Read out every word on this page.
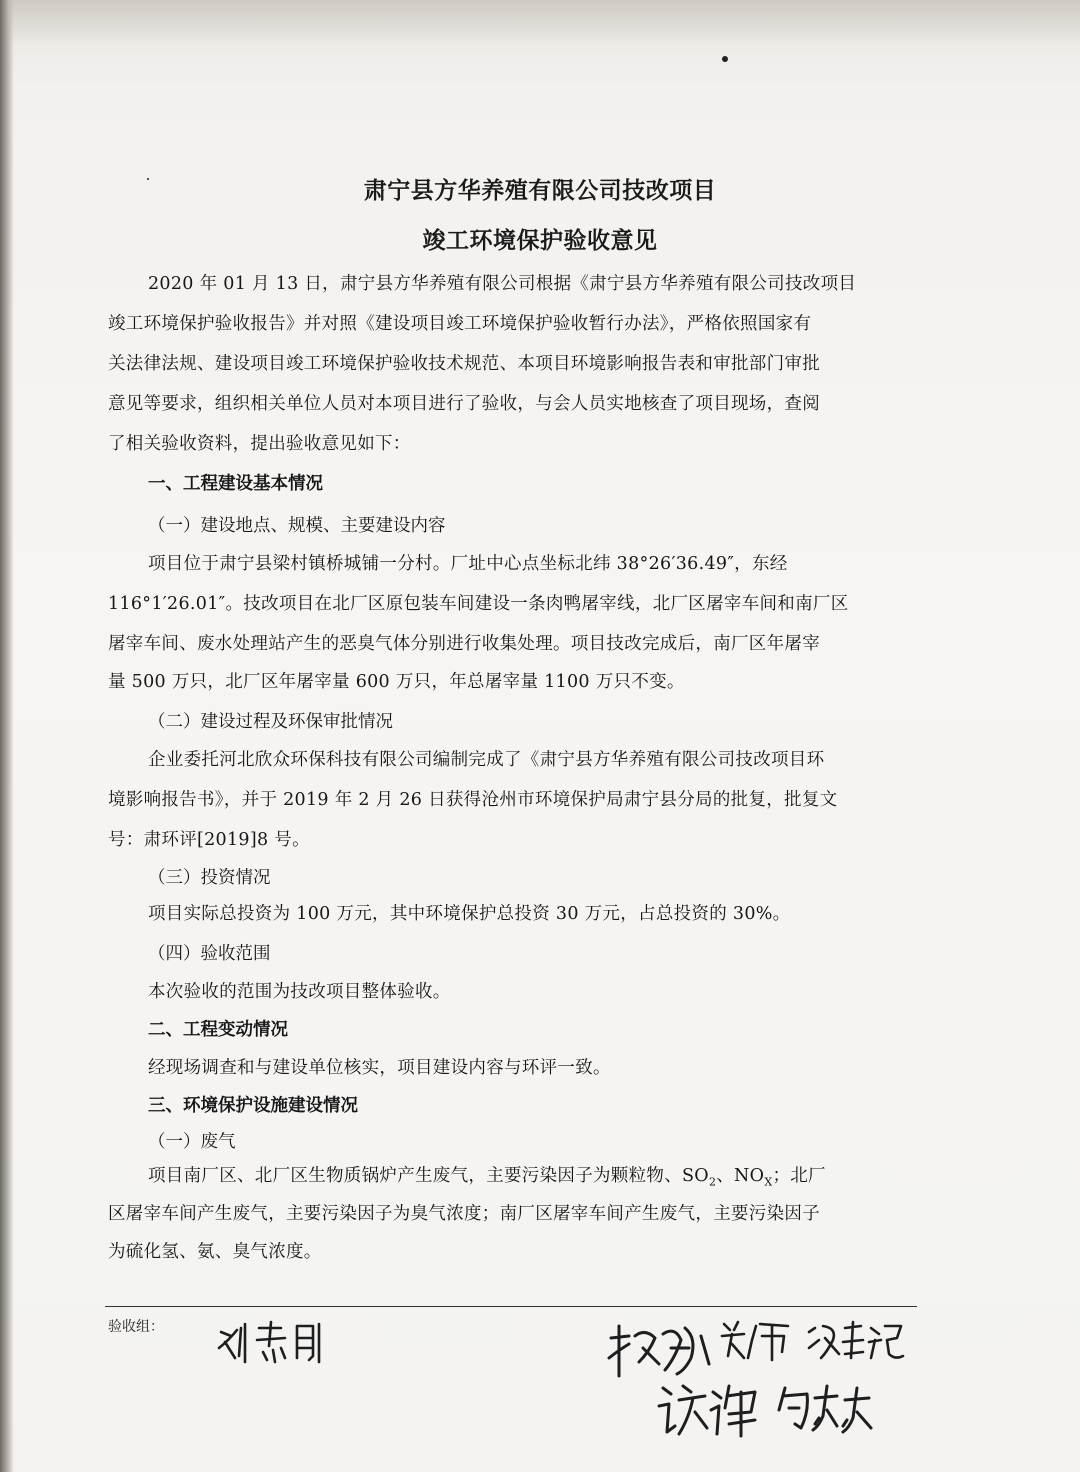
肃宁县方华养殖有限公司技改项目
竣工环境保护验收意见
2020 年 01 月 13 日，肃宁县方华养殖有限公司根据《肃宁县方华养殖有限公司技改项目
竣工环境保护验收报告》并对照《建设项目竣工环境保护验收暂行办法》，严格依照国家有
关法律法规、建设项目竣工环境保护验收技术规范、本项目环境影响报告表和审批部门审批
意见等要求，组织相关单位人员对本项目进行了验收，与会人员实地核查了项目现场，查阅
了相关验收资料，提出验收意见如下：
一、工程建设基本情况
（一）建设地点、规模、主要建设内容
项目位于肃宁县梁村镇桥城铺一分村。厂址中心点坐标北纬 38°26′36.49″，东经
116°1′26.01″。技改项目在北厂区原包装车间建设一条肉鸭屠宰线，北厂区屠宰车间和南厂区
屠宰车间、废水处理站产生的恶臭气体分别进行收集处理。项目技改完成后，南厂区年屠宰
量 500 万只，北厂区年屠宰量 600 万只，年总屠宰量 1100 万只不变。
（二）建设过程及环保审批情况
企业委托河北欣众环保科技有限公司编制完成了《肃宁县方华养殖有限公司技改项目环
境影响报告书》，并于 2019 年 2 月 26 日获得沧州市环境保护局肃宁县分局的批复，批复文
号：肃环评[2019]8 号。
（三）投资情况
项目实际总投资为 100 万元，其中环境保护总投资 30 万元，占总投资的 30%。
（四）验收范围
本次验收的范围为技改项目整体验收。
二、工程变动情况
经现场调查和与建设单位核实，项目建设内容与环评一致。
三、环境保护设施建设情况
（一）废气
项目南厂区、北厂区生物质锅炉产生废气，主要污染因子为颗粒物、$SO_2$、$NO_X$；北厂
区屠宰车间产生废气，主要污染因子为臭气浓度；南厂区屠宰车间产生废气，主要污染因子
为硫化氢、氨、臭气浓度。
验收组：
